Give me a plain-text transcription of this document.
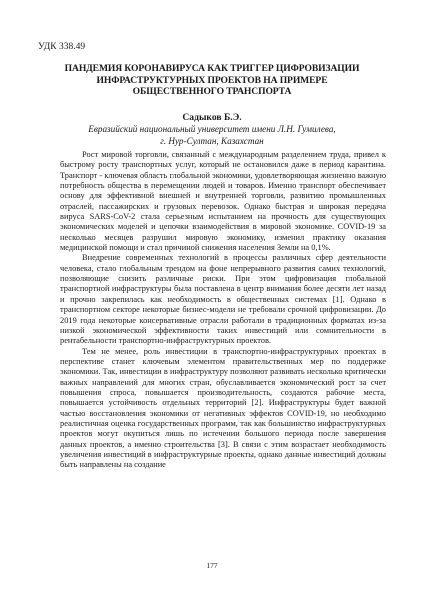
УДК 338.49
ПАНДЕМИЯ КОРОНАВИРУСА КАК ТРИГГЕР ЦИФРОВИЗАЦИИ ИНФРАСТРУКТУРНЫХ ПРОЕКТОВ НА ПРИМЕРЕ ОБЩЕСТВЕННОГО ТРАНСПОРТА
Садыков Б.Э.
Евразийский национальный университет имени Л.Н. Гумилева,
г. Нур-Султан, Казахстан

Рост мировой торговли, связанный с международным разделением труда, привел к быстрому росту транспортных услуг, который не остановился даже в период карантина. Транспорт - ключевая область глобальной экономики, удовлетворяющая жизненно важную потребность общества в перемещении людей и товаров. Именно транспорт обеспечивает основу для эффективной внешней и внутренней торговли, развитию промышленных отраслей, пассажирских и грузовых перевозок. Однако быстрая и широкая передача вируса SARS-CoV-2 стала серьезным испытанием на прочность для существующих экономических моделей и цепочки взаимодействия в мировой экономике. COVID-19 за несколько месяцев разрушил мировую экономику, изменил практику оказания медицинской помощи и стал причиной снижения населения Земли на 0,1%.

Внедрение современных технологий в процессы различных сфер деятельности человека, стало глобальным трендом на фоне непрерывного развития самих технологий, позволяющие снизить различные риски. При этом цифровизация глобальной транспортной инфраструктуры была поставлена в центр внимания более десяти лет назад и прочно закрепилась как необходимость в общественных системах [1]. Однако в транспортном секторе некоторые бизнес-модели не требовали срочной цифровизации. До 2019 года некоторые консервативные отрасли работали в традиционных форматах из-за низкой экономической эффективности таких инвестиций или сомнительности в рентабельности транспортно-инфраструктурных проектов.

Тем не менее, роль инвестиции в транспортно-инфраструктурных проектах в перспективе станет ключевым элементом правительственных мер по поддержке экономики. Так, инвестиции в инфраструктуру позволяют развивать несколько критически важных направлений для многих стран, обуславливается экономический рост за счет повышения спроса, повышается производительность, создаются рабочие места, повышается устойчивость отдельных территорий [2]. Инфраструктуры будет важной частью восстановления экономики от негативных эффектов COVID-19, но необходимо реалистичная оценка государственных программ, так как большинство инфраструктурных проектов могут окупиться лишь по истечении большого периода после завершения данных проектов, а именно строительства [3]. В связи с этим возрастает необходимость увеличения инвестиций в инфраструктурные проекты, однако данные инвестиций должны быть направлены на создание

177
